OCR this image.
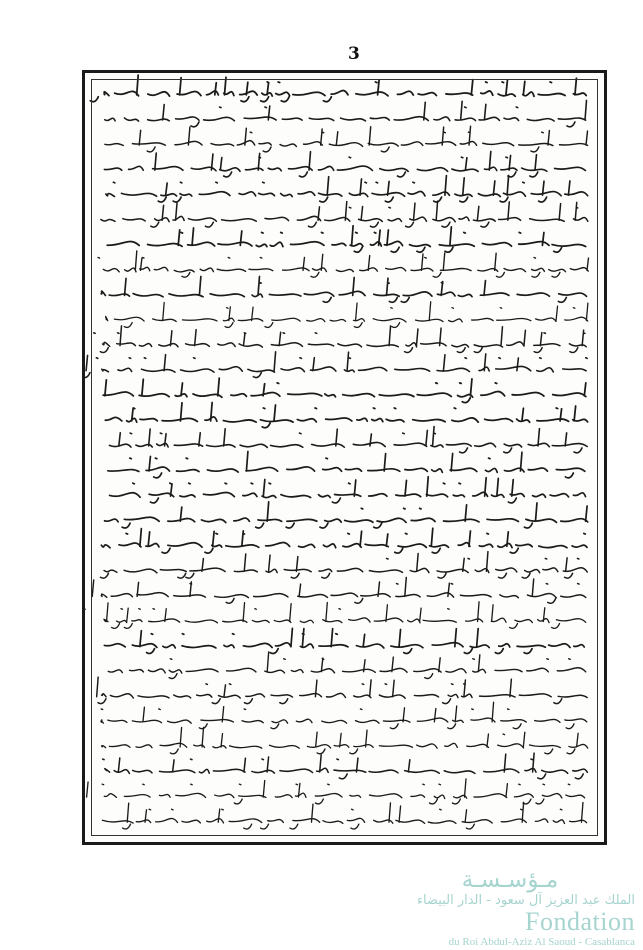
3
مـؤسـسـة
الملك عبد العزيز آل سعود - الدار البيضاء
Fondation
du Roi Abdul-Aziz Al Saoud - Casablanca
